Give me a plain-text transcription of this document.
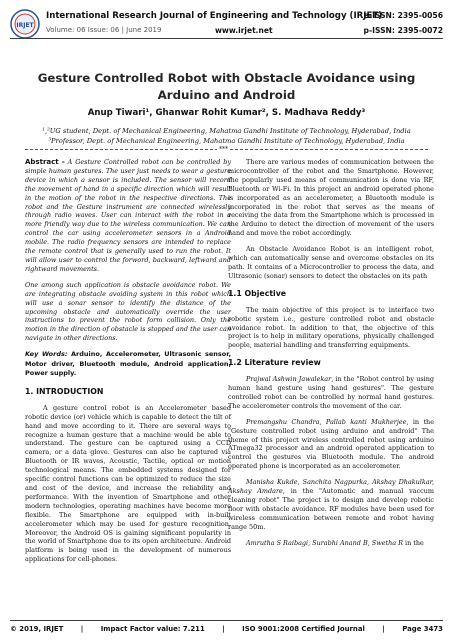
IRJET
International Research Journal of Engineering and Technology (IRJET)
Volume: 06 Issue: 06 | June 2019	www.irjet.net
e-ISSN: 2395-0056
p-ISSN: 2395-0072
Gesture Controlled Robot with Obstacle Avoidance using Arduino and Android
Anup Tiwari¹, Ghanwar Rohit Kumar², S. Madhava Reddy³
¹,²UG student, Dept. of Mechanical Engineering, Mahatma Gandhi Institute of Technology, Hyderabad, India
³Professor, Dept. of Mechanical Engineering, Mahatma Gandhi Institute of Technology, Hyderabad, India
***

Abstract - A Gesture Controlled robot can be controlled by simple human gestures. The user just needs to wear a gesture device in which a sensor is included. The sensor will record the movement of hand in a specific direction which will result in the motion of the robot in the respective directions. The robot and the Gesture instrument are connected wirelessly through radio waves. User can interact with the robot in a more friendly way due to the wireless communication. We can control the car using accelerometer sensors in a Android mobile. The radio frequency sensors are intended to replace the remote control that is generally used to run the robot. It will allow user to control the forword, backward, leftward and rightward movements.

One among such application is obstacle avoidance robot. We are integrating obstacle avoiding system in this robot which will use a sonar sensor to identify the distance of the upcoming obstacle and automatically override the user instructions to prevent the robot form collision. Only the motion in the direction of obstacle is stopped and the user can navigate in other directions.

Key Words: Arduino, Accelerometer, Ultrasonic sensor, Motor driver, Bluetooth module, Android application, Power supply.

1. INTRODUCTION

A gesture control robot is an Accelerometer based robotic device (or) vehicle which is capable to detect the tilt of hand and move according to it. There are several ways to recognize a human gesture that a machine would be able to understand. The gesture can be captured using a CCD camera, or a data glove. Gestures can also be captured via Bluetooth or IR waves, Acoustic, Tactile, optical or motion technological means. The embedded systems designed for specific control functions can be optimized to reduce the size and cost of the device, and increase the reliability and performance. With the invention of Smartphone and other modern technologies, operating machines have become more flexible. The Smartphone are equipped with in-built accelerometer which may be used for gesture recognition. Moreover, the Android OS is gaining significant popularity in the world of Smartphone due to its open architecture. Android platform is being used in the development of numerous applications for cell-phones.

There are various modes of communication between the microcontroller of the robot and the Smartphone. However, the popularly used means of communication is done via RF, Bluetooth or Wi-Fi. In this project an android operated phone is incorporated as an accelerometer, a Bluetooth module is incorporated in the robot that serves as the means of receiving the data from the Smartphone which is processed in the Arduino to detect the direction of movement of the users hand and move the robot accordingly.

An Obstacle Avoidance Robot is an intelligent robot, which can automatically sense and overcome obstacles on its path. It contains of a Microcontroller to process the data, and Ultrasonic (sonar) sensors to detect the obstacles on its path

1.1 Objective

The main objective of this project is to interface two robotic system i.e., gesture controlled robot and obstacle avoidance robot. In addition to that, the objective of this project is to help in military operations, physically challenged people, material handling and transferring equipments.

1.2 Literature review

Prajwal Ashwin Jawalekar, in the "Robot control by using human hand gesture using hand gestures". The gesture controlled robot can be controlled by normal hand gestures. The accelerometer controls the movement of the car.

Premangshu Chandra, Pallab kanti Mukherjee, in the "Gesture controlled robot using arduino and android" The theme of this project wireless controlled robot using arduino ATmega32 processor and an android operated application to control the gestures via Bluetooth module. The android operated phone is incorporated as an accelerometer.

Manisha Kukde, Sanchita Nagpurka, Akshay Dhakulkar, Akshay Amdare, in the "Automatic and manual vaccum cleaning robot" The project is to design and develop robotic floor with obstacle avoidance. RF modules have been used for wireless communication between remote and robot having range 50m.

Amrutha S Raibagi, Surabhi Anand B, Swetha R in the

© 2019, IRJET	|	Impact Factor value: 7.211	|	ISO 9001:2008 Certified Journal	|	Page 3473
